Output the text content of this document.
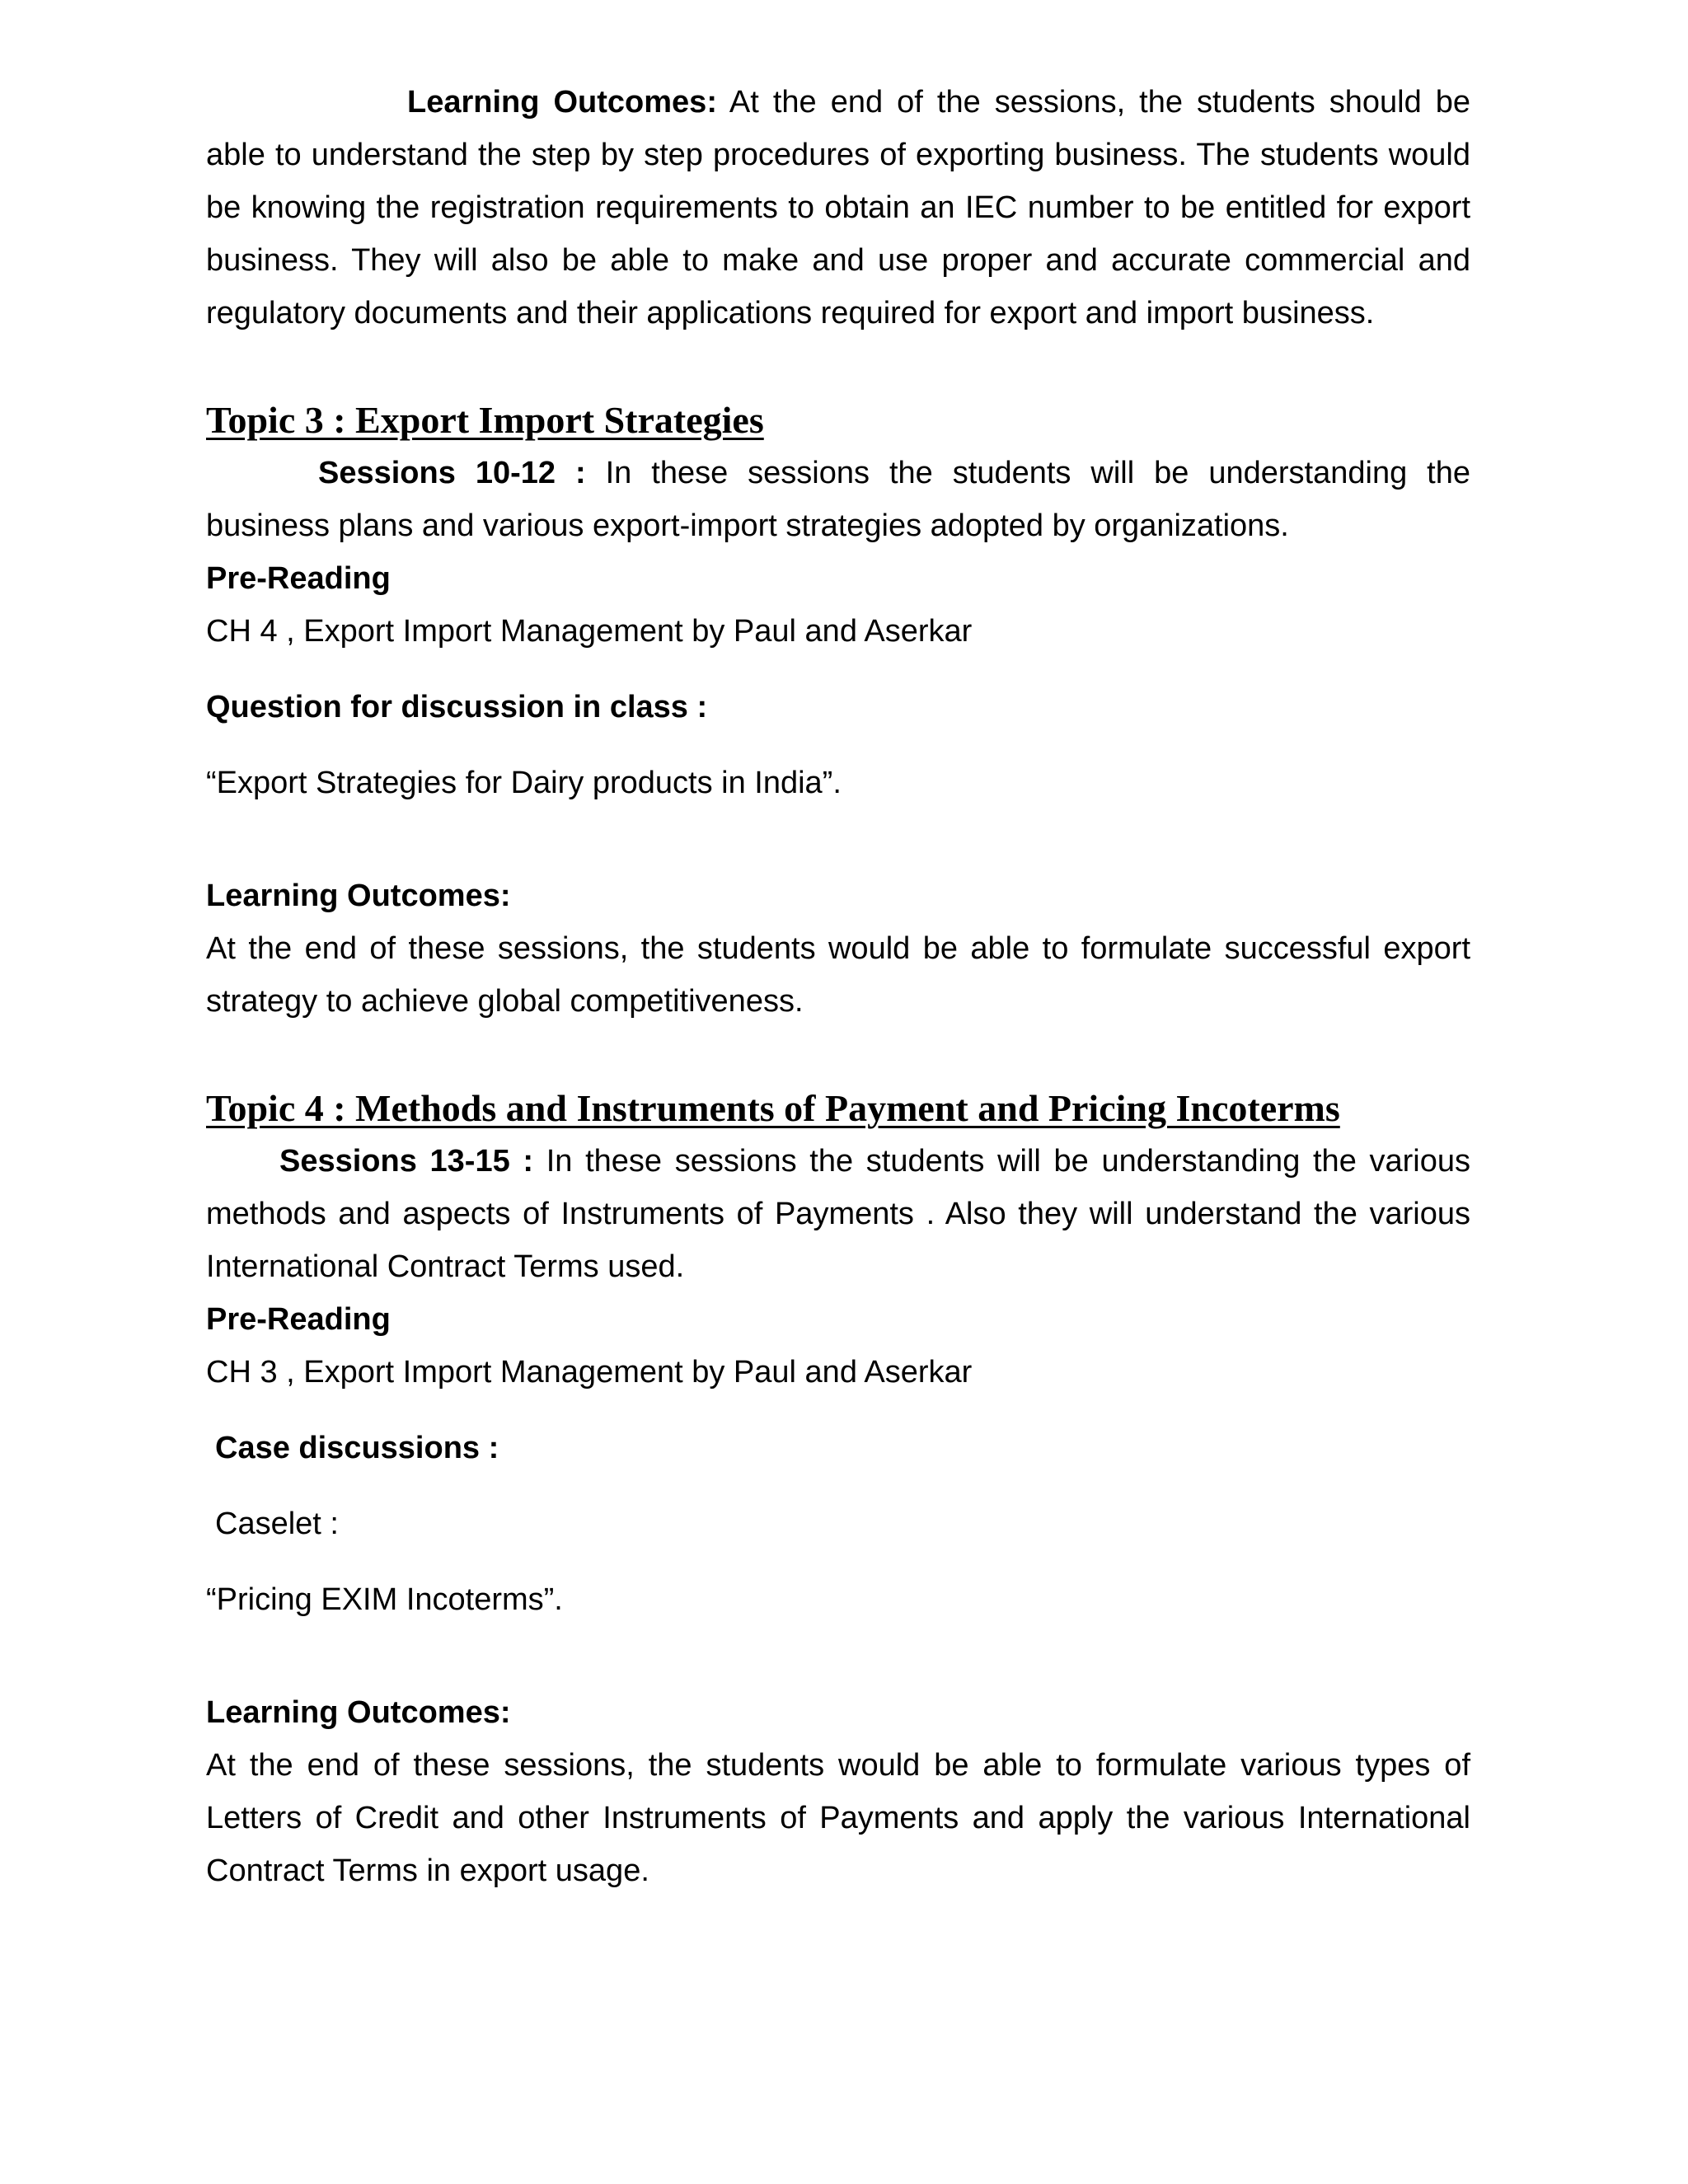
Learning Outcomes: At the end of the sessions, the students should be able to understand the step by step procedures of exporting business. The students would be knowing the registration requirements to obtain an IEC number to be entitled for export business. They will also be able to make and use proper and accurate commercial and regulatory documents and their applications required for export and import business.

Topic 3 : Export Import Strategies

Sessions 10-12 : In these sessions the students will be understanding the business plans and various export-import strategies adopted by organizations.

Pre-Reading

CH 4 , Export Import Management by Paul and Aserkar

Question for discussion in class :

“Export Strategies for Dairy products in India”.

Learning Outcomes:

At the end of these sessions, the students would be able to formulate successful export strategy to achieve global competitiveness.

Topic 4 : Methods and Instruments of Payment and Pricing Incoterms

Sessions 13-15 : In these sessions the students will be understanding the various methods and aspects of Instruments of Payments . Also they will understand the various International Contract Terms used.

Pre-Reading

CH 3 , Export Import Management by Paul and Aserkar

Case discussions :

Caselet :

“Pricing EXIM Incoterms”.

Learning Outcomes:

At the end of these sessions, the students would be able to formulate various types of Letters of Credit and other Instruments of Payments and apply the various International Contract Terms in export usage.
